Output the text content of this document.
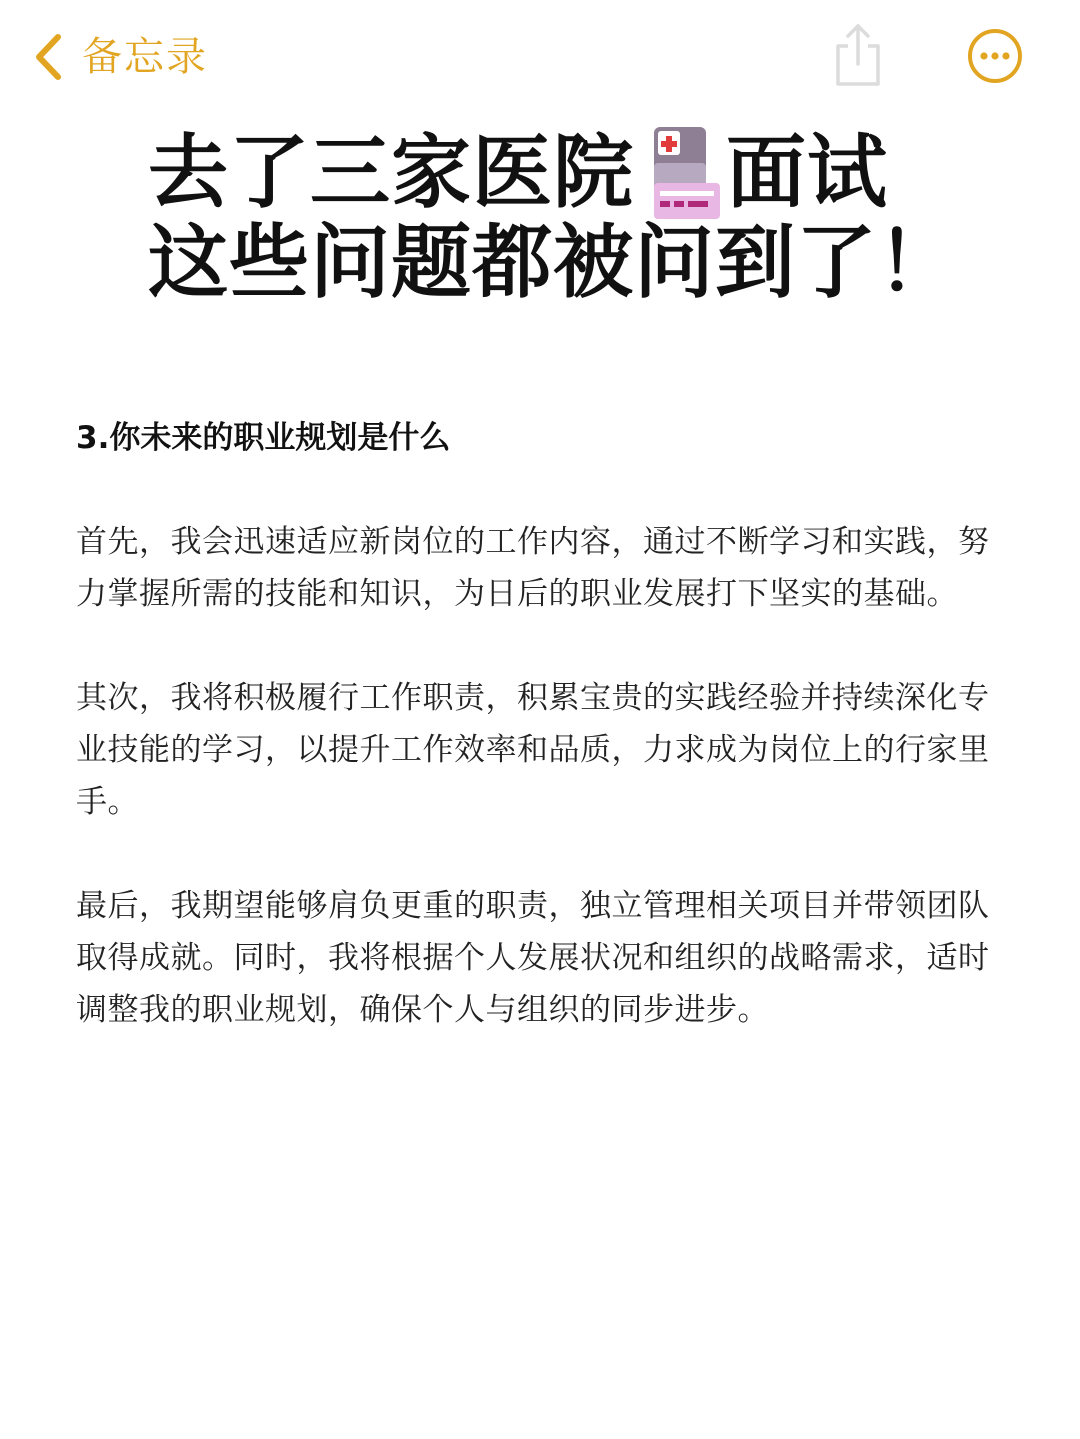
备忘录
去了三家医院 面试
这些问题都被问到了！

3.你未来的职业规划是什么

首先，我会迅速适应新岗位的工作内容，通过不断学习和实践，努力掌握所需的技能和知识，为日后的职业发展打下坚实的基础。

其次，我将积极履行工作职责，积累宝贵的实践经验并持续深化专业技能的学习，以提升工作效率和品质，力求成为岗位上的行家里手。

最后，我期望能够肩负更重的职责，独立管理相关项目并带领团队取得成就。同时，我将根据个人发展状况和组织的战略需求，适时调整我的职业规划，确保个人与组织的同步进步。
